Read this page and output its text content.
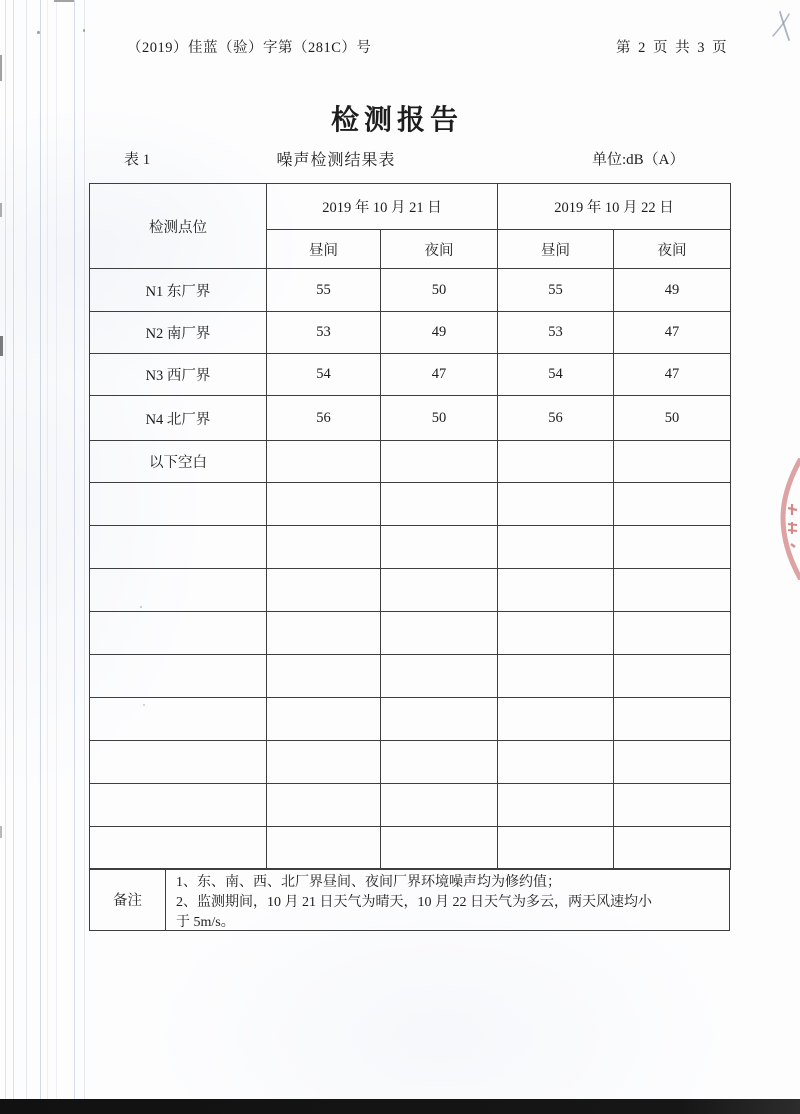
（2019）佳蓝（验）字第（281C）号	第 2 页 共 3 页
检测报告
表 1	噪声检测结果表	单位:dB（A）
检测点位	2019 年 10 月 21 日		2019 年 10 月 22 日	
	昼间	夜间	昼间	夜间
N1 东厂界	55	50	55	49
N2 南厂界	53	49	53	47
N3 西厂界	54	47	54	47
N4 北厂界	56	50	56	50
以下空白				

备注
1、东、南、西、北厂界昼间、夜间厂界环境噪声均为修约值；
2、监测期间，10 月 21 日天气为晴天，10 月 22 日天气为多云，两天风速均小
于 5m/s。
